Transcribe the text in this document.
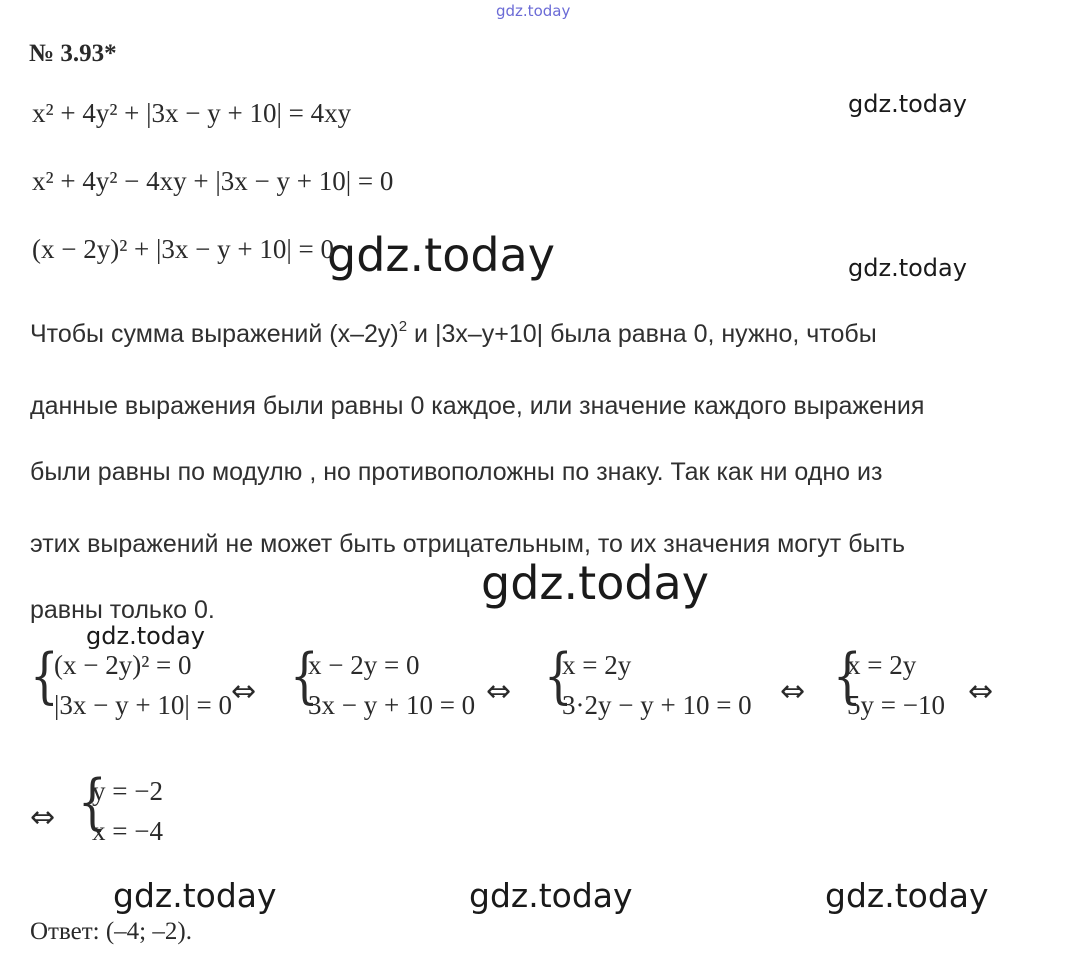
gdz.today
gdz.today
gdz.today
gdz.today
gdz.today
gdz.today
gdz.today	gdz.today	gdz.today
№ 3.93*
x² + 4y² + |3x − y + 10| = 4xy
x² + 4y² − 4xy + |3x − y + 10| = 0
(x − 2y)² + |3x − y + 10| = 0
Чтобы сумма выражений $(x-2y)^2$ и |3x–y+10| была равна 0, нужно, чтобы
данные выражения были равны 0 каждое, или значение каждого выражения
были равны по модулю , но противоположны по знаку. Так как ни одно из
этих выражений не может быть отрицательным, то их значения могут быть
равны только 0.
{
(x − 2y)² = 0
|3x − y + 10| = 0 ⇔ {
x − 2y = 0
3x − y + 10 = 0 ⇔ {
x = 2y
3·2y − y + 10 = 0 ⇔ {
x = 2y
5y = −10 ⇔
⇔ {
y = −2
x = −4
Ответ: (–4; –2).
